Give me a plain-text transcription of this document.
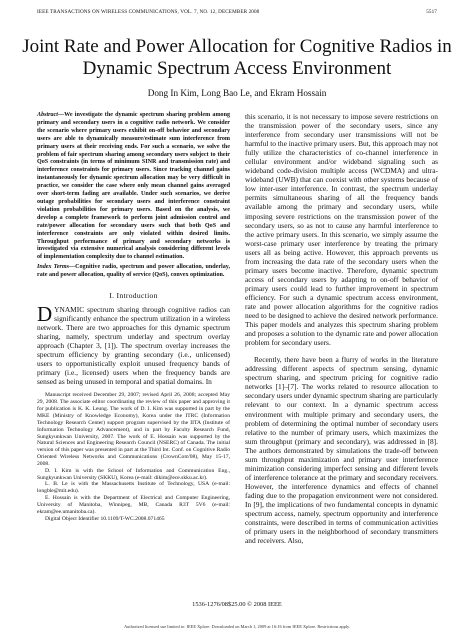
IEEE TRANSACTIONS ON WIRELESS COMMUNICATIONS, VOL. 7, NO. 12, DECEMBER 2008	5517
Joint Rate and Power Allocation for Cognitive Radios in Dynamic Spectrum Access Environment
Dong In Kim, Long Bao Le, and Ekram Hossain

Abstract—We investigate the dynamic spectrum sharing problem among primary and secondary users in a cognitive radio network. We consider the scenario where primary users exhibit on-off behavior and secondary users are able to dynamically measure/estimate sum interference from primary users at their receiving ends. For such a scenario, we solve the problem of fair spectrum sharing among secondary users subject to their QoS constraints (in terms of minimum SINR and transmission rate) and interference constraints for primary users. Since tracking channel gains instantaneously for dynamic spectrum allocation may be very difficult in practice, we consider the case where only mean channel gains averaged over short-term fading are available. Under such scenarios, we derive outage probabilities for secondary users and interference constraint violation probabilities for primary users. Based on the analysis, we develop a complete framework to perform joint admission control and rate/power allocation for secondary users such that both QoS and interference constraints are only violated within desired limits. Throughput performance of primary and secondary networks is investigated via extensive numerical analysis considering different levels of implementation complexity due to channel estimation.

Index Terms—Cognitive radio, spectrum and power allocation, underlay, rate and power allocation, quality of service (QoS), convex optimization.

I. Introduction

DYNAMIC spectrum sharing through cognitive radios can significantly enhance the spectrum utilization in a wireless network. There are two approaches for this dynamic spectrum sharing, namely, spectrum underlay and spectrum overlay approach (Chapter 3, [1]). The spectrum overlay increases the spectrum efficiency by granting secondary (i.e., unlicensed) users to opportunistically exploit unused frequency bands of primary (i.e., licensed) users when the frequency bands are sensed as being unused in temporal and spatial domains. In

Manuscript received December 29, 2007; revised April 26, 2008; accepted May 29, 2008. The associate editor coordinating the review of this paper and approving it for publication is K. K. Leung. The work of D. I. Kim was supported in part by the MKE (Ministry of Knowledge Economy), Korea under the ITRC (Information Technology Research Center) support program supervised by the IITA (Institute of Information Technology Advancement), and in part by Faculty Research Fund, Sungkyunkwan University, 2007. The work of E. Hossain was supported by the Natural Sciences and Engineering Research Council (NSERC) of Canada. The initial version of this paper was presented in part at the Third Int. Conf. on Cognitive Radio Oriented Wireless Networks and Communications (CrownCom'08), May 15-17, 2008.

D. I. Kim is with the School of Information and Communication Eng., Sungkyunkwan University (SKKU), Korea (e-mail: dikim@ece.skku.ac.kr).

L. B. Le is with the Massachusetts Institute of Technology, USA (e-mail: longble@mit.edu).

E. Hossain is with the Department of Electrical and Computer Engineering, University of Manitoba, Winnipeg, MB, Canada R3T 5V6 (e-mail: ekram@ee.umanitoba.ca).

Digital Object Identifier 10.1109/T-WC.2008.071465

this scenario, it is not necessary to impose severe restrictions on the transmission power of the secondary users, since any interference from secondary user transmissions will not be harmful to the inactive primary users. But, this approach may not fully utilize the characteristics of co-channel interference in cellular environment and/or wideband signaling such as wideband code-division multiple access (WCDMA) and ultra-wideband (UWB) that can coexist with other systems because of low inter-user interference. In contrast, the spectrum underlay permits simultaneous sharing of all the frequency bands available among the primary and secondary users, while imposing severe restrictions on the transmission power of the secondary users, so as not to cause any harmful interference to the active primary users. In this scenario, we simply assume the worst-case primary user interference by treating the primary users all as being active. However, this approach prevents us from increasing the data rate of the secondary users when the primary users become inactive. Therefore, dynamic spectrum access of secondary users by adapting to on-off behavior of primary users could lead to further improvement in spectrum efficiency. For such a dynamic spectrum access environment, rate and power allocation algorithms for the cognitive radios need to be designed to achieve the desired network performance. This paper models and analyzes this spectrum sharing problem and proposes a solution to the dynamic rate and power allocation problem for secondary users.

Recently, there have been a flurry of works in the literature addressing different aspects of spectrum sensing, dynamic spectrum sharing, and spectrum pricing for cognitive radio networks [1]–[7]. The works related to resource allocation to secondary users under dynamic spectrum sharing are particularly relevant to our context. In a dynamic spectrum access environment with multiple primary and secondary users, the problem of determining the optimal number of secondary users relative to the number of primary users, which maximizes the sum throughput (primary and secondary), was addressed in [8]. The authors demonstrated by simulations the trade-off between sum throughput maximization and primary user interference minimization considering imperfect sensing and different levels of interference tolerance at the primary and secondary receivers. However, the interference dynamics and effects of channel fading due to the propagation environment were not considered. In [9], the implications of two fundamental concepts in dynamic spectrum access, namely, spectrum opportunity and interference constraints, were described in terms of communication activities of primary users in the neighborhood of secondary transmitters and receivers. Also,

1536-1276/08$25.00 © 2008 IEEE
Authorized licensed use limited to: IEEE Xplore. Downloaded on March 1, 2009 at 16:16 from IEEE Xplore. Restrictions apply.
